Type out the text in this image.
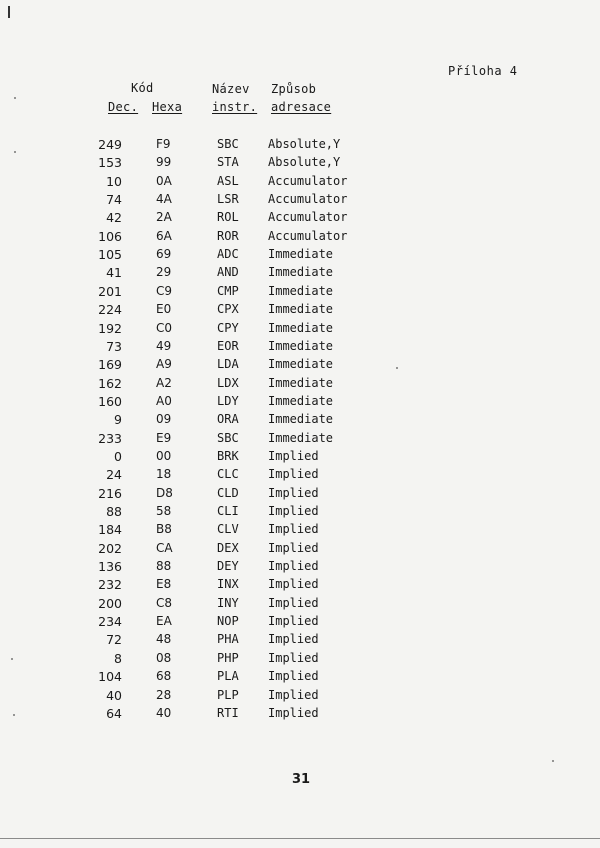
Příloha 4
Kód
Dec. Hexa
Název
instr.
Způsob
adresace
249	F9	SBC Absolute,Y
153	99	STA Absolute,Y
10	0A	ASL Accumulator
74	4A	LSR Accumulator
42	2A	ROL Accumulator
106	6A	ROR Accumulator
105	69	ADC Immediate
41	29	AND Immediate
201	C9	CMP Immediate
224	E0	CPX Immediate
192	C0	CPY Immediate
73	49	EOR Immediate
169	A9	LDA Immediate
162	A2	LDX Immediate
160	A0	LDY Immediate
9	09	ORA Immediate
233	E9	SBC Immediate
0	00	BRK Implied
24	18	CLC Implied
216	D8	CLD Implied
88	58	CLI Implied
184	B8	CLV Implied
202	CA	DEX Implied
136	88	DEY Implied
232	E8	INX Implied
200	C8	INY Implied
234	EA	NOP Implied
72	48	PHA Implied
8	08	PHP Implied
104	68	PLA Implied
40	28	PLP Implied
64	40	RTI Implied
31
